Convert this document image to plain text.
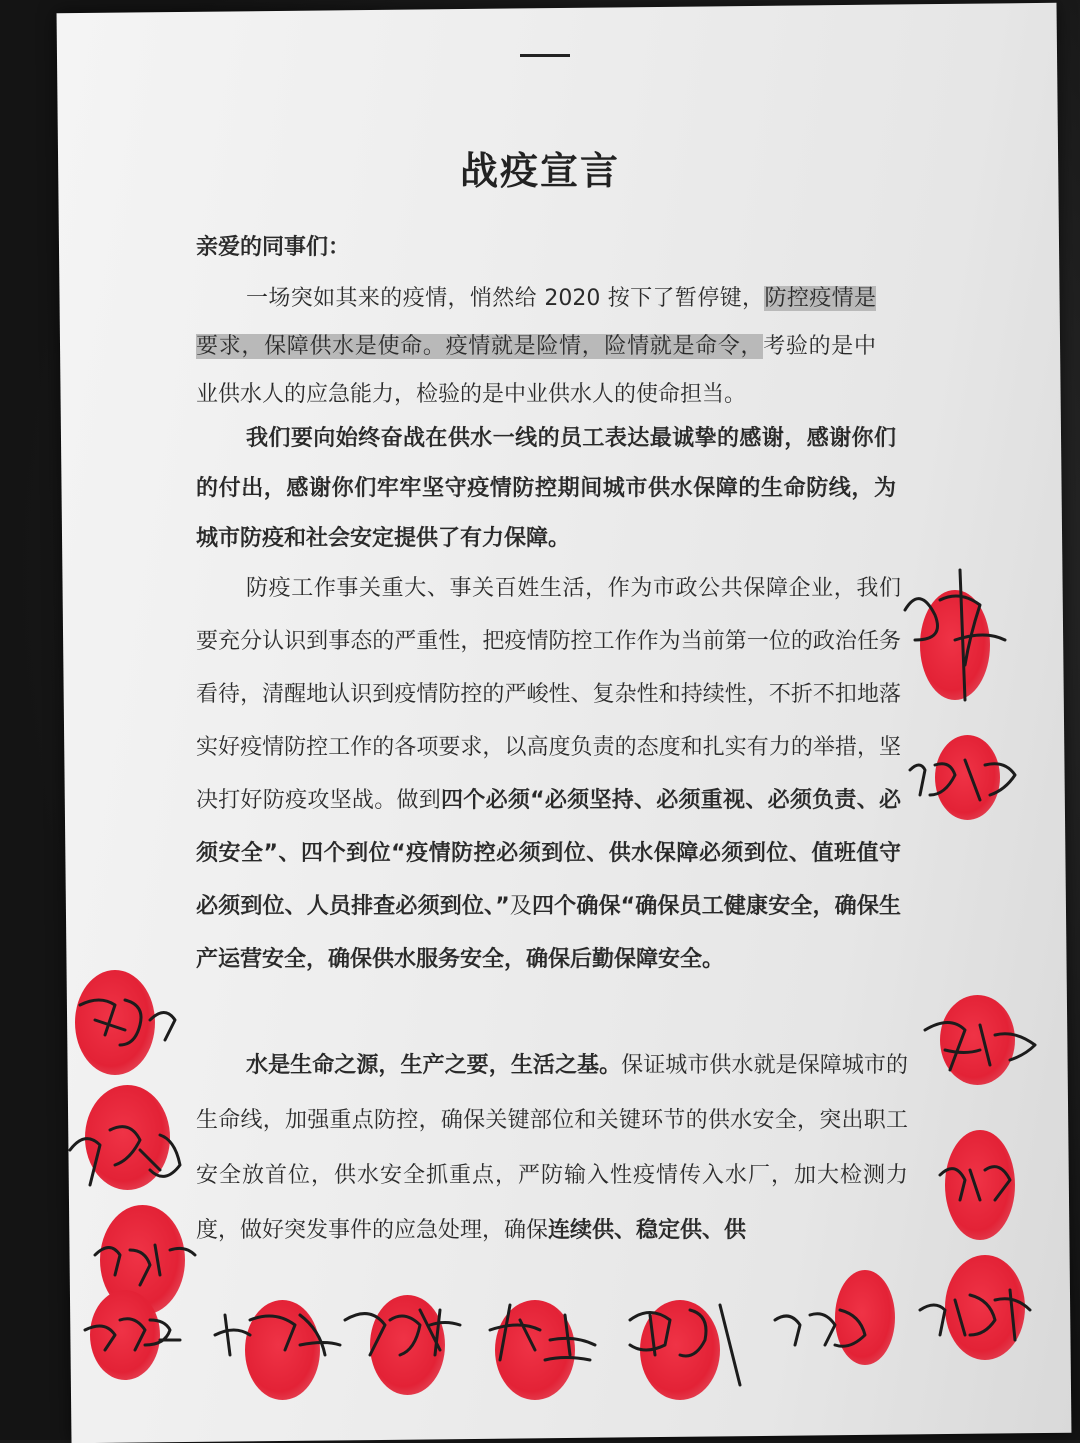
战疫宣言
亲爱的同事们：
一场突如其来的疫情，悄然给 2020 按下了暂停键，防控疫情是要求，保障供水是使命。疫情就是险情，险情就是命令，考验的是中业供水人的应急能力，检验的是中业供水人的使命担当。
我们要向始终奋战在供水一线的员工表达最诚挚的感谢，感谢你们的付出，感谢你们牢牢坚守疫情防控期间城市供水保障的生命防线，为城市防疫和社会安定提供了有力保障。
防疫工作事关重大、事关百姓生活，作为市政公共保障企业，我们要充分认识到事态的严重性，把疫情防控工作作为当前第一位的政治任务看待，清醒地认识到疫情防控的严峻性、复杂性和持续性，不折不扣地落实好疫情防控工作的各项要求，以高度负责的态度和扎实有力的举措，坚决打好防疫攻坚战。做到四个必须“必须坚持、必须重视、必须负责、必须安全”、四个到位“疫情防控必须到位、供水保障必须到位、值班值守必须到位、人员排查必须到位、”及四个确保“确保员工健康安全，确保生产运营安全，确保供水服务安全，确保后勤保障安全。
水是生命之源，生产之要，生活之基。保证城市供水就是保障城市的生命线，加强重点防控，确保关键部位和关键环节的供水安全，突出职工安全放首位，供水安全抓重点，严防输入性疫情传入水厂，加大检测力度，做好突发事件的应急处理，确保连续供、稳定供、供
